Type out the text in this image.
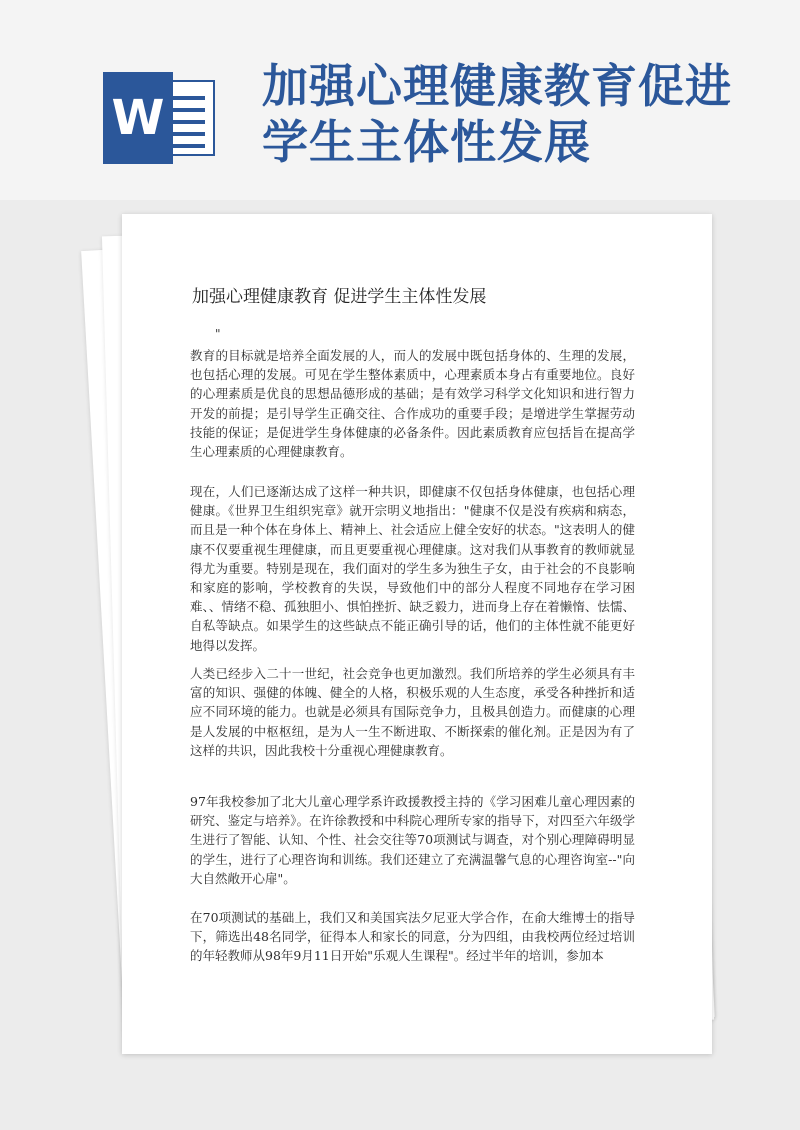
W
加强心理健康教育促进学生主体性发展
加强心理健康教育 促进学生主体性发展
"
教育的目标就是培养全面发展的人，而人的发展中既包括身体的、生理的发展，也包括心理的发展。可见在学生整体素质中，心理素质本身占有重要地位。良好的心理素质是优良的思想品德形成的基础；是有效学习科学文化知识和进行智力开发的前提；是引导学生正确交往、合作成功的重要手段；是增进学生掌握劳动技能的保证；是促进学生身体健康的必备条件。因此素质教育应包括旨在提高学生心理素质的心理健康教育。
现在，人们已逐渐达成了这样一种共识，即健康不仅包括身体健康，也包括心理健康。《世界卫生组织宪章》就开宗明义地指出："健康不仅是没有疾病和病态，而且是一种个体在身体上、精神上、社会适应上健全安好的状态。"这表明人的健康不仅要重视生理健康，而且更要重视心理健康。这对我们从事教育的教师就显得尤为重要。特别是现在，我们面对的学生多为独生子女，由于社会的不良影响和家庭的影响，学校教育的失误，导致他们中的部分人程度不同地存在学习困难、、情绪不稳、孤独胆小、惧怕挫折、缺乏毅力，进而身上存在着懒惰、怯懦、自私等缺点。如果学生的这些缺点不能正确引导的话，他们的主体性就不能更好地得以发挥。
人类已经步入二十一世纪，社会竞争也更加激烈。我们所培养的学生必须具有丰富的知识、强健的体魄、健全的人格，积极乐观的人生态度，承受各种挫折和适应不同环境的能力。也就是必须具有国际竞争力，且极具创造力。而健康的心理是人发展的中枢枢纽，是为人一生不断进取、不断探索的催化剂。正是因为有了这样的共识，因此我校十分重视心理健康教育。
97年我校参加了北大儿童心理学系许政援教授主持的《学习困难儿童心理因素的研究、鉴定与培养》。在许徐教授和中科院心理所专家的指导下，对四至六年级学生进行了智能、认知、个性、社会交往等70项测试与调查，对个别心理障碍明显的学生，进行了心理咨询和训练。我们还建立了充满温馨气息的心理咨询室--"向大自然敞开心扉"。
在70项测试的基础上，我们又和美国宾法夕尼亚大学合作，在俞大维博士的指导下，筛选出48名同学，征得本人和家长的同意，分为四组，由我校两位经过培训的年轻教师从98年9月11日开始"乐观人生课程"。经过半年的培训，参加本
